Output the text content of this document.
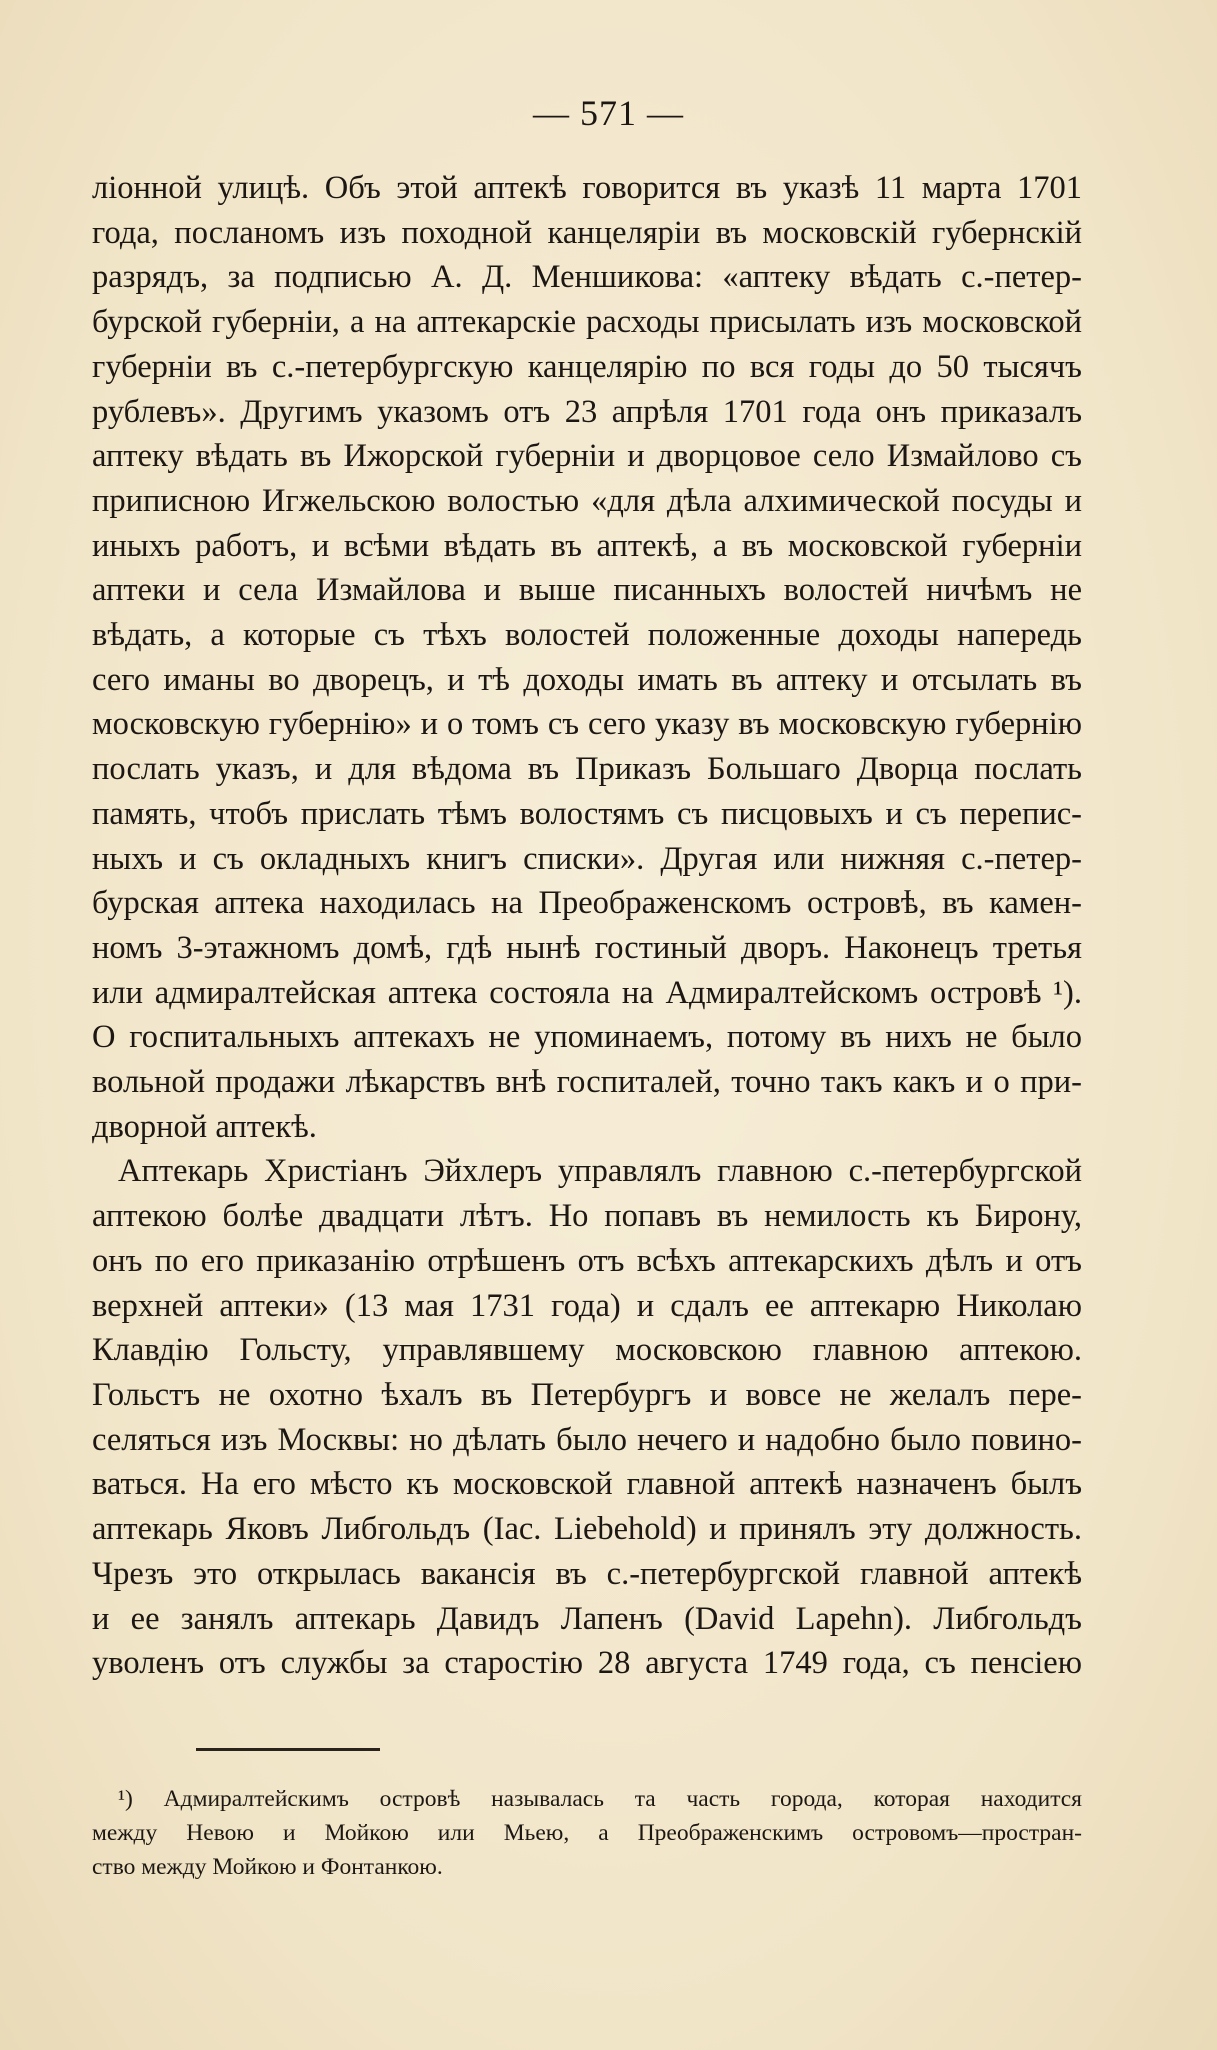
— 571 —
ліонной улицѣ. Объ этой аптекѣ говорится въ указѣ 11 марта 1701
года, посланомъ изъ походной канцеляріи въ московскій губернскій
разрядъ, за подписью А. Д. Меншикова: «аптеку вѣдать с.-петер-
бурской губерніи, а на аптекарскіе расходы присылать изъ московской
губерніи въ с.-петербургскую канцелярію по вся годы до 50 тысячъ
рублевъ». Другимъ указомъ отъ 23 апрѣля 1701 года онъ приказалъ
аптеку вѣдать въ Ижорской губерніи и дворцовое село Измайлово съ
приписною Игжельскою волостью «для дѣла алхимической посуды и
иныхъ работъ, и всѣми вѣдать въ аптекѣ, а въ московской губерніи
аптеки и села Измайлова и выше писанныхъ волостей ничѣмъ не
вѣдать, а которые съ тѣхъ волостей положенные доходы напередь
сего иманы во дворецъ, и тѣ доходы имать въ аптеку и отсылать въ
московскую губернію» и о томъ съ сего указу въ московскую губернію
послать указъ, и для вѣдома въ Приказъ Большаго Дворца послать
память, чтобъ прислать тѣмъ волостямъ съ писцовыхъ и съ перепис-
ныхъ и съ окладныхъ книгъ списки». Другая или нижняя с.-петер-
бурская аптека находилась на Преображенскомъ островѣ, въ камен-
номъ 3-этажномъ домѣ, гдѣ нынѣ гостиный дворъ. Наконецъ третья
или адмиралтейская аптека состояла на Адмиралтейскомъ островѣ ¹).
О госпитальныхъ аптекахъ не упоминаемъ, потому въ нихъ не было
вольной продажи лѣкарствъ внѣ госпиталей, точно такъ какъ и о при-
дворной аптекѣ.
Аптекарь Христіанъ Эйхлеръ управлялъ главною с.-петербургской
аптекою болѣе двадцати лѣтъ. Но попавъ въ немилость къ Бирону,
онъ по его приказанію отрѣшенъ отъ всѣхъ аптекарскихъ дѣлъ и отъ
верхней аптеки» (13 мая 1731 года) и сдалъ ее аптекарю Николаю
Клавдію Гольсту, управлявшему московскою главною аптекою.
Гольстъ не охотно ѣхалъ въ Петербургъ и вовсе не желалъ пере-
селяться изъ Москвы: но дѣлать было нечего и надобно было повино-
ваться. На его мѣсто къ московской главной аптекѣ назначенъ былъ
аптекарь Яковъ Либгольдъ (Iac. Liebehold) и принялъ эту должность.
Чрезъ это открылась вакансія въ с.-петербургской главной аптекѣ
и ее занялъ аптекарь Давидъ Лапенъ (David Lapehn). Либгольдъ
уволенъ отъ службы за старостію 28 августа 1749 года, съ пенсіею
¹) Адмиралтейскимъ островѣ называлась та часть города, которая находится
между Невою и Мойкою или Мьею, а Преображенскимъ островомъ—простран-
ство между Мойкою и Фонтанкою.
